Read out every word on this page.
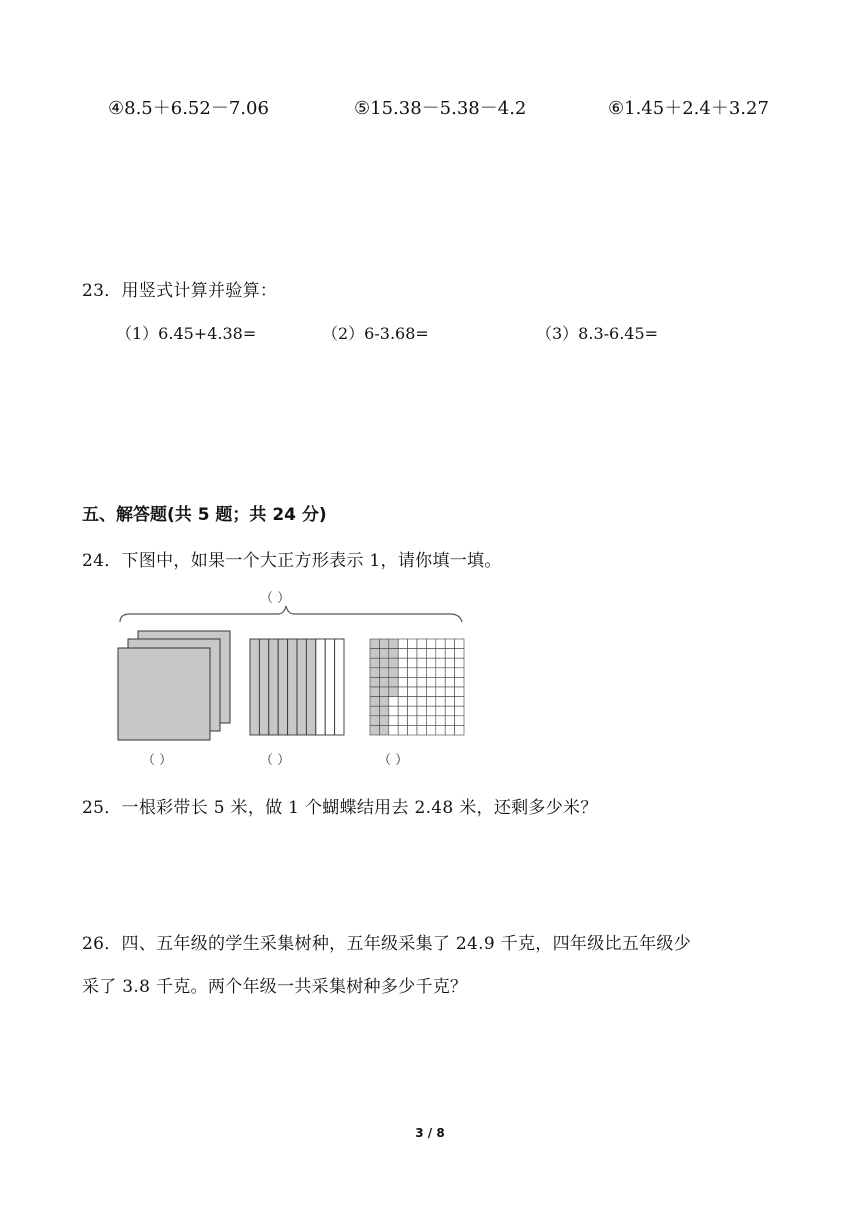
④8.5＋6.52－7.06	⑤15.38－5.38－4.2	⑥1.45＋2.4＋3.27
23．用竖式计算并验算：
（1）6.45+4.38=	（2）6-3.68=	（3）8.3-6.45=
五、解答题(共 5 题；共 24 分)
24．下图中，如果一个大正方形表示 1，请你填一填。
（ ）
（ ）	（ ）	（ ）
25．一根彩带长 5 米，做 1 个蝴蝶结用去 2.48 米，还剩多少米？
26．四、五年级的学生采集树种，五年级采集了 24.9 千克，四年级比五年级少
采了 3.8 千克。两个年级一共采集树种多少千克？
3 / 8
